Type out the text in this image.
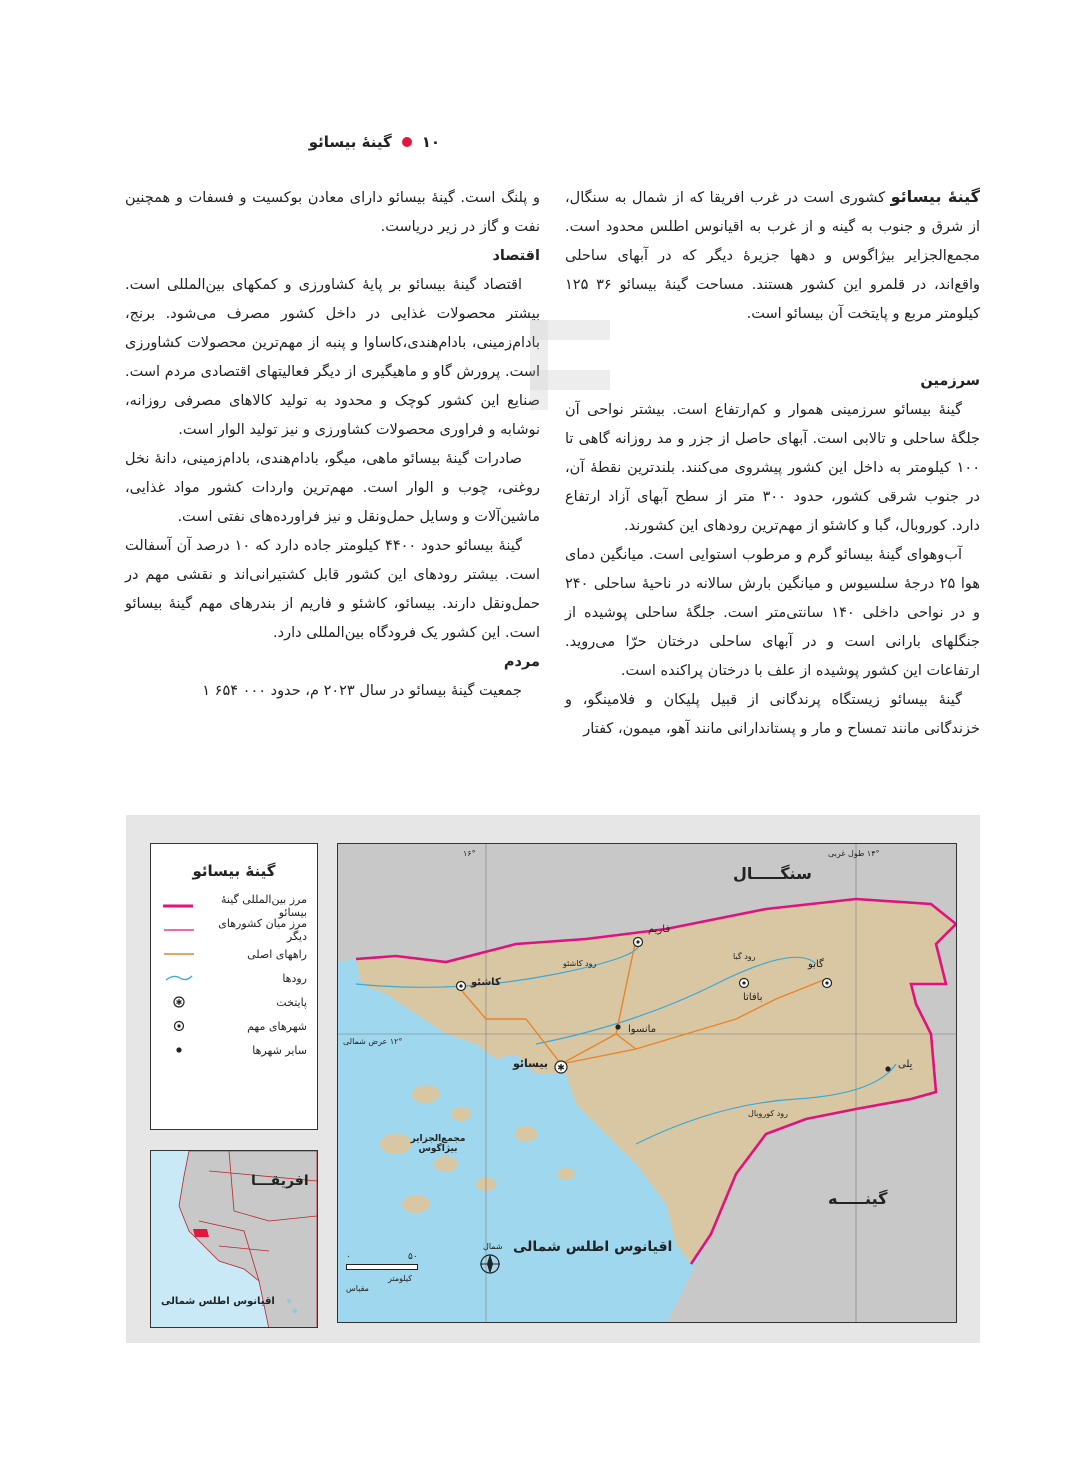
۱۰
گینهٔ بیسائو

گینهٔ بیسائو کشوری است در غرب افریقا که از شمال به سنگال، از شرق و جنوب به گینه و از غرب به اقیانوس اطلس محدود است. مجمع‌الجزایر بیژاگوس و دهها جزیرهٔ دیگر که در آبهای ساحلی واقع‌اند، در قلمرو این کشور هستند. مساحت گینهٔ بیسائو ۳۶ ۱۲۵ کیلومتر مربع و پایتخت آن بیسائو است.

سرزمین

گینهٔ بیسائو سرزمینی هموار و کم‌ارتفاع است. بیشتر نواحی آن جلگهٔ ساحلی و تالابی است. آبهای حاصل از جزر و مد روزانه گاهی تا ۱۰۰ کیلومتر به داخل این کشور پیشروی می‌کنند. بلندترین نقطهٔ آن، در جنوب شرقی کشور، حدود ۳۰۰ متر از سطح آبهای آزاد ارتفاع دارد. کوروبال، گبا و کاشئو از مهم‌ترین رودهای این کشورند.

آب‌وهوای گینهٔ بیسائو گرم و مرطوب استوایی است. میانگین دمای هوا ۲۵ درجهٔ سلسیوس و میانگین بارش سالانه در ناحیهٔ ساحلی ۲۴۰ و در نواحی داخلی ۱۴۰ سانتی‌متر است. جلگهٔ ساحلی پوشیده از جنگلهای بارانی است و در آبهای ساحلی درختان حرّا می‌روید. ارتفاعات این کشور پوشیده از علف با درختان پراکنده است.

گینهٔ بیسائو زیستگاه پرندگانی از قبیل پلیکان و فلامینگو، و خزندگانی مانند تمساح و مار و پستاندارانی مانند آهو، میمون، کفتار

و پلنگ است. گینهٔ بیسائو دارای معادن بوکسیت و فسفات و همچنین نفت و گاز در زیر دریاست.

اقتصاد

اقتصاد گینهٔ بیسائو بر پایهٔ کشاورزی و کمکهای بین‌المللی است. بیشتر محصولات غذایی در داخل کشور مصرف می‌شود. برنج، بادام‌زمینی، بادام‌هندی،کاساوا و پنبه از مهم‌ترین محصولات کشاورزی است. پرورش گاو و ماهیگیری از دیگر فعالیتهای اقتصادی مردم است. صنایع این کشور کوچک و محدود به تولید کالاهای مصرفی روزانه، نوشابه و فراوری محصولات کشاورزی و نیز تولید الوار است.

صادرات گینهٔ بیسائو ماهی، میگو، بادام‌هندی، بادام‌زمینی، دانهٔ نخل روغنی، چوب و الوار است. مهم‌ترین واردات کشور مواد غذایی، ماشین‌آلات و وسایل حمل‌ونقل و نیز فراورده‌های نفتی است.

گینهٔ بیسائو حدود ۴۴۰۰ کیلومتر جاده دارد که ۱۰ درصد آن آسفالت است. بیشتر رودهای این کشور قابل کشتیرانی‌اند و نقشی مهم در حمل‌ونقل دارند. بیسائو، کاشئو و فاریم از بندرهای مهم گینهٔ بیسائو است. این کشور یک فرودگاه بین‌المللی دارد.

مردم

جمعیت گینهٔ بیسائو در سال ۲۰۲۳ م، حدود ۰۰۰ ۶۵۴ ۱

گینهٔ بیسائو
مرز بین‌المللی گینهٔ بیسائو
مرز میان کشورهای دیگر
راههای اصلی
رودها
پایتخت
✱
شهرهای مهم
سایر شهرها
افریقـــا
اقیانوس اطلس شمالی
سنگـــــال
گینـــــه
اقیانوس اطلس شمالی
مجمع‌الجزایر بیژاگوس
۱۶°	۱۴° طول غربی
۱۲° عرض شمالی
شمال
۰	۵۰
کیلومتر
مقیاس
کاشئو
فاریم
مانسوا
بافاتا
گابو
بِلی
✱
بیسائو
رود کاشئو
رود گبا
رود کوروبال
